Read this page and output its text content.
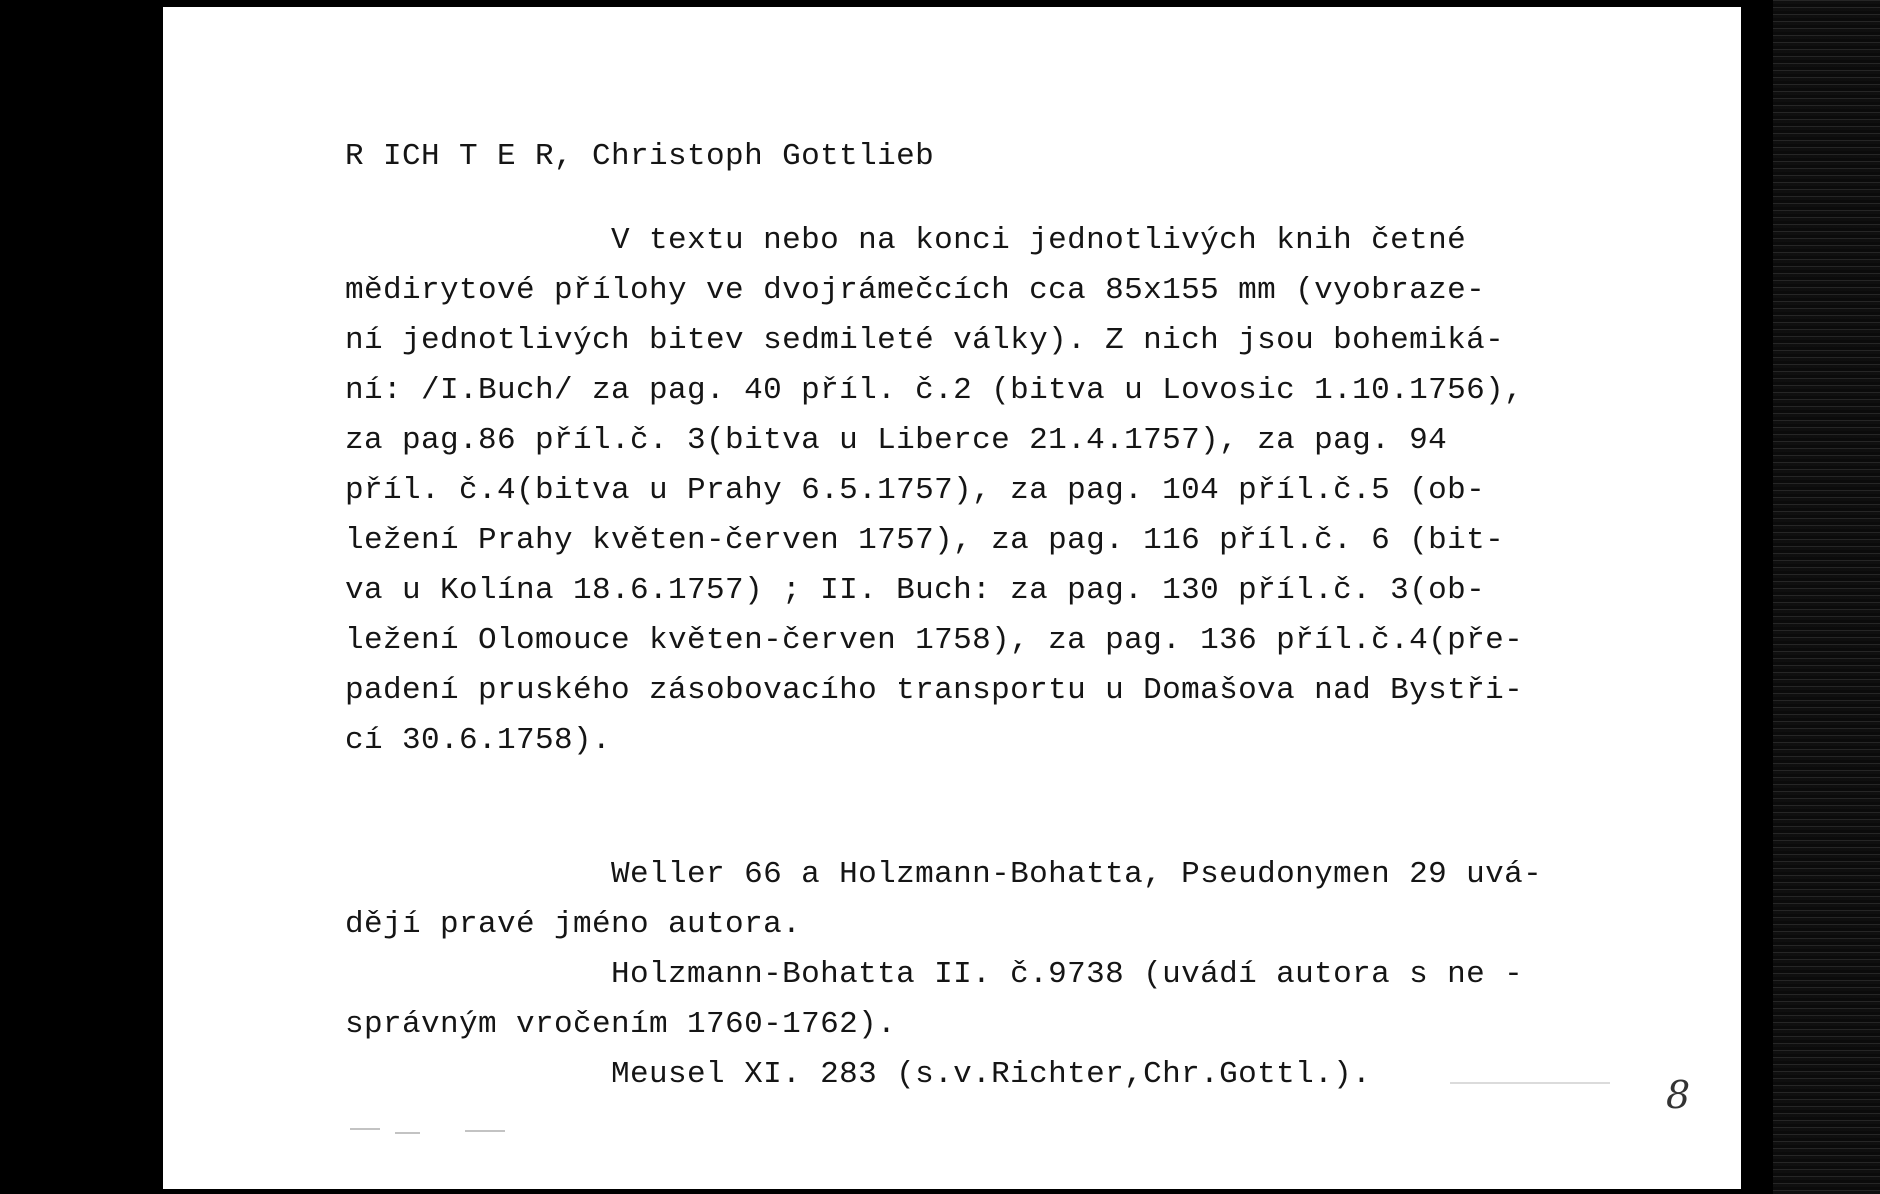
R ICH T E R, Christoph Gottlieb

V textu nebo na konci jednotlivých knih četné
mědirytové přílohy ve dvojrámečcích cca 85x155 mm (vyobraze-
ní jednotlivých bitev sedmileté války). Z nich jsou bohemiká-
ní: /I.Buch/ za pag. 40 příl. č.2 (bitva u Lovosic 1.10.1756),
za pag.86 příl.č. 3(bitva u Liberce 21.4.1757), za pag. 94
příl. č.4(bitva u Prahy 6.5.1757), za pag. 104 příl.č.5 (ob-
ležení Prahy květen-červen 1757), za pag. 116 příl.č. 6 (bit-
va u Kolína 18.6.1757) ; II. Buch: za pag. 130 příl.č. 3(ob-
ležení Olomouce květen-červen 1758), za pag. 136 příl.č.4(pře-
padení pruského zásobovacího transportu u Domašova nad Bystři-
cí 30.6.1758).

Weller 66 a Holzmann-Bohatta, Pseudonymen 29 uvá-
dějí pravé jméno autora.
Holzmann-Bohatta II. č.9738 (uvádí autora s ne -
správným vročením 1760-1762).
Meusel XI. 283 (s.v.Richter,Chr.Gottl.).	8
